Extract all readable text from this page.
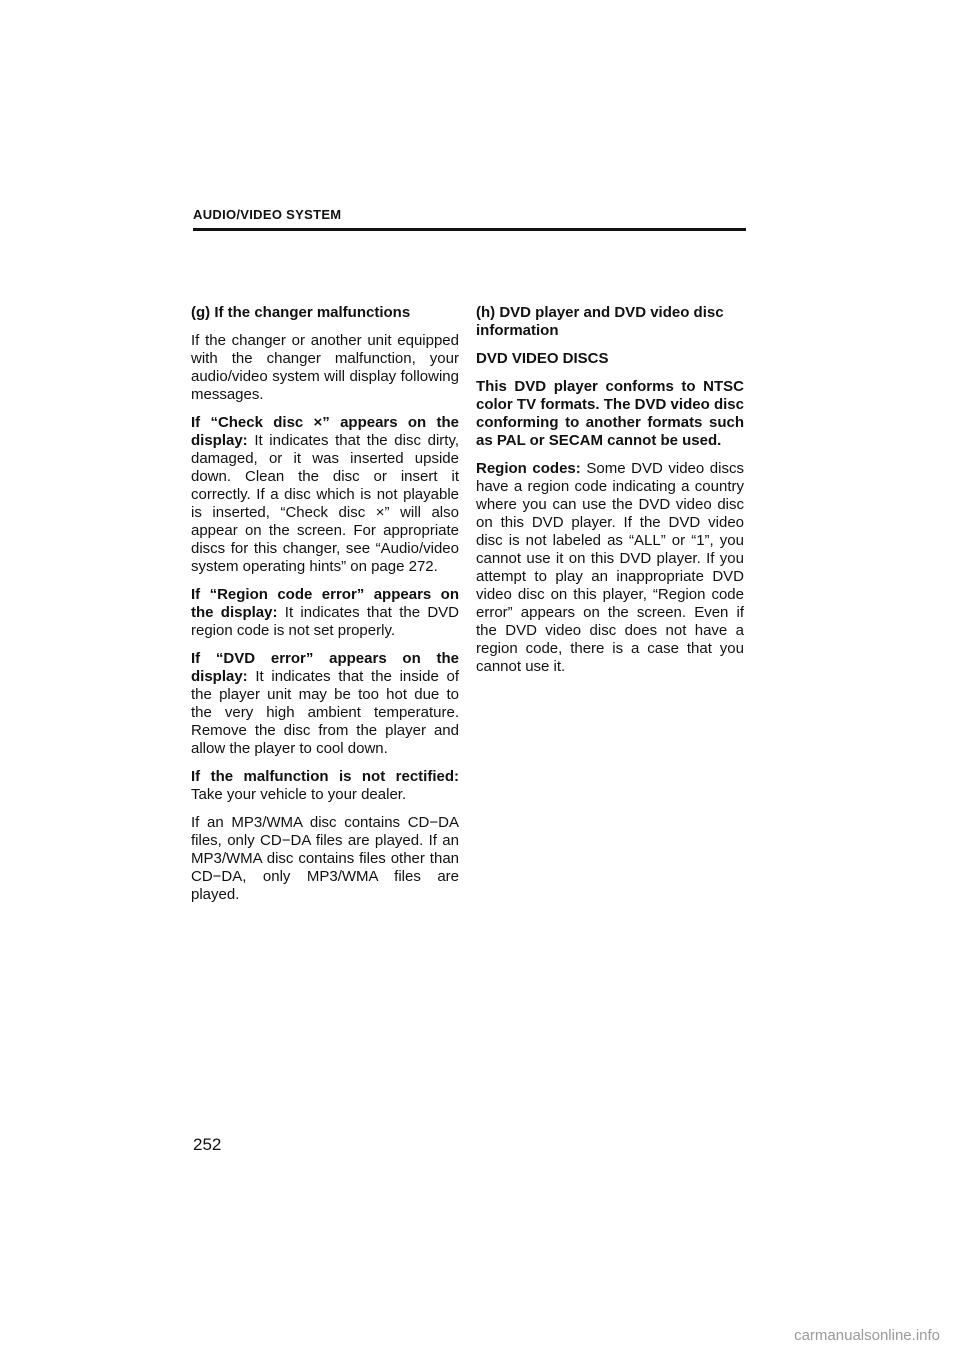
AUDIO/VIDEO SYSTEM
(g) If the changer malfunctions

If the changer or another unit equipped with the changer malfunction, your audio/video system will display following messages.

If “Check disc ×” appears on the display: It indicates that the disc dirty, damaged, or it was inserted upside down. Clean the disc or insert it correctly. If a disc which is not playable is inserted, “Check disc ×” will also appear on the screen. For appropriate discs for this changer, see “Audio/video system operating hints” on page 272.

If “Region code error” appears on the display: It indicates that the DVD region code is not set properly.

If “DVD error” appears on the display: It indicates that the inside of the player unit may be too hot due to the very high ambient temperature. Remove the disc from the player and allow the player to cool down.

If the malfunction is not rectified: Take your vehicle to your dealer.

If an MP3/WMA disc contains CD−DA files, only CD−DA files are played. If an MP3/WMA disc contains files other than CD−DA, only MP3/WMA files are played.

(h) DVD player and DVD video disc information
DVD VIDEO DISCS

This DVD player conforms to NTSC color TV formats. The DVD video disc conforming to another formats such as PAL or SECAM cannot be used.

Region codes: Some DVD video discs have a region code indicating a country where you can use the DVD video disc on this DVD player. If the DVD video disc is not labeled as “ALL” or “1”, you cannot use it on this DVD player. If you attempt to play an inappropriate DVD video disc on this player, “Region code error” appears on the screen. Even if the DVD video disc does not have a region code, there is a case that you cannot use it.

252
carmanualsonline.info
